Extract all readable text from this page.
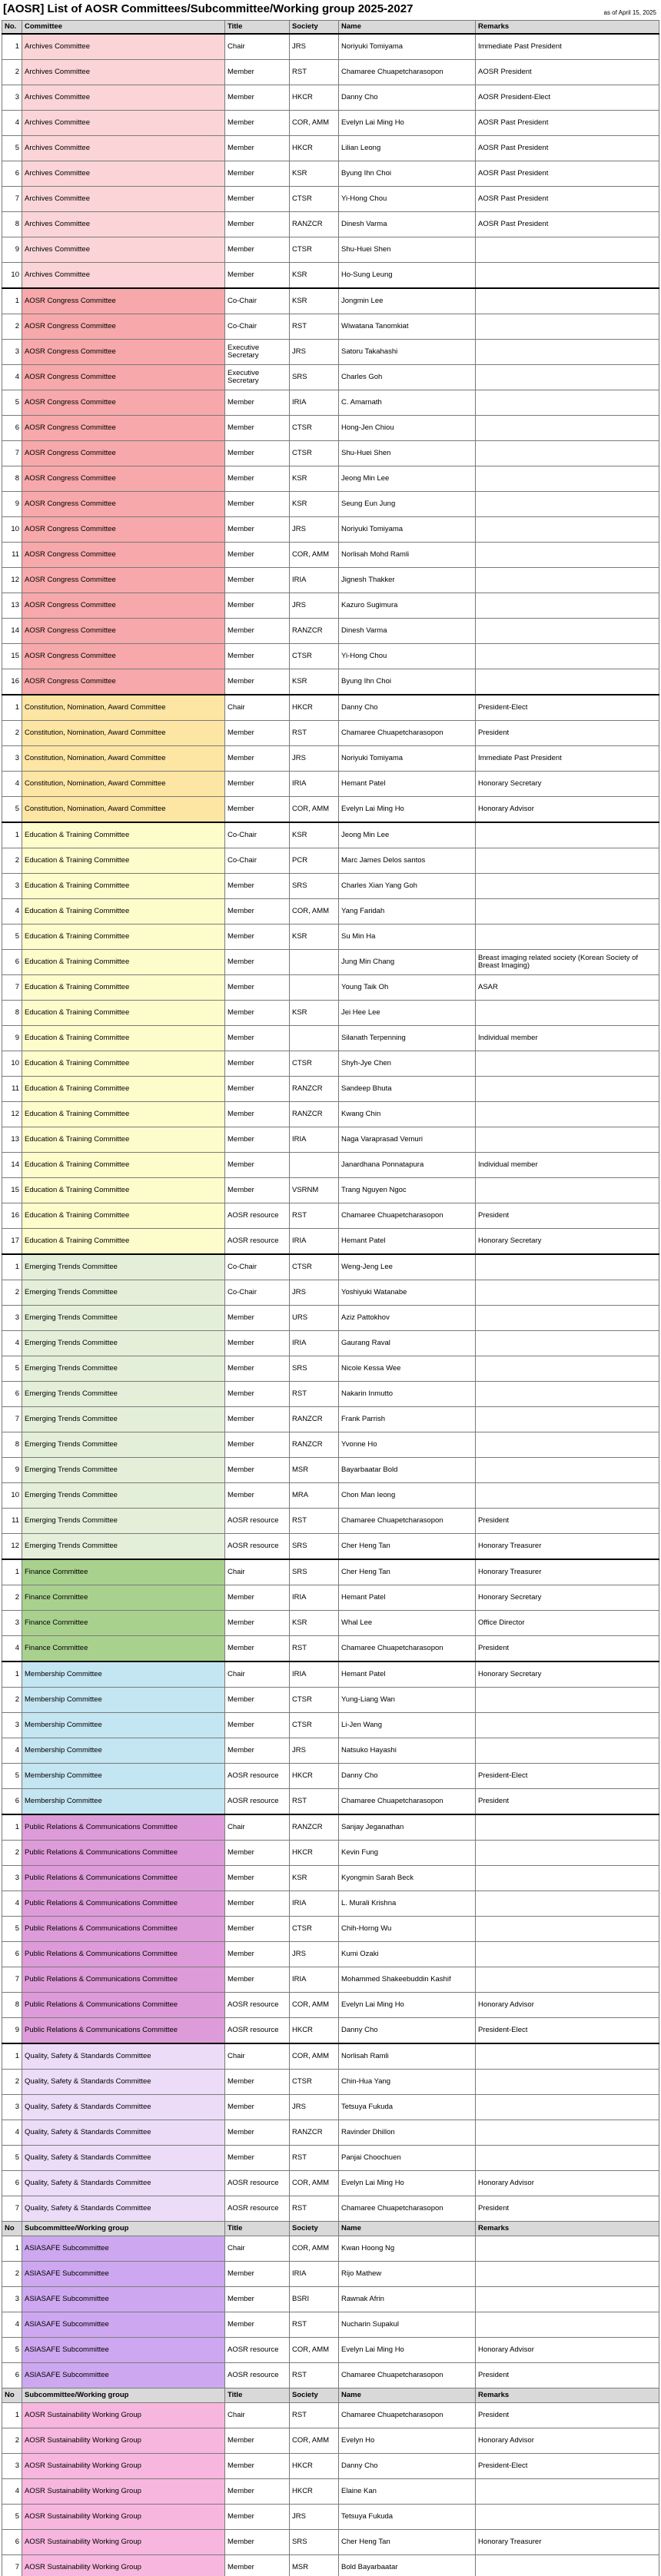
[AOSR] List of AOSR Committees/Subcommittee/Working group 2025-2027	as of April 15, 2025
No.	Committee	Title	Society	Name	Remarks
1	Archives Committee	Chair	JRS	Noriyuki Tomiyama	Immediate Past President
2	Archives Committee	Member	RST	Chamaree Chuapetcharasopon	AOSR President
3	Archives Committee	Member	HKCR	Danny Cho	AOSR President-Elect
4	Archives Committee	Member	COR, AMM	Evelyn Lai Ming Ho	AOSR Past President
5	Archives Committee	Member	HKCR	Lilian Leong	AOSR Past President
6	Archives Committee	Member	KSR	Byung Ihn Choi	AOSR Past President
7	Archives Committee	Member	CTSR	Yi-Hong Chou	AOSR Past President
8	Archives Committee	Member	RANZCR	Dinesh Varma	AOSR Past President
9	Archives Committee	Member	CTSR	Shu-Huei Shen	
10	Archives Committee	Member	KSR	Ho-Sung Leung	
1	AOSR Congress Committee	Co-Chair	KSR	Jongmin Lee	
2	AOSR Congress Committee	Co-Chair	RST	Wiwatana Tanomkiat	
3	AOSR Congress Committee	Executive Secretary	JRS	Satoru Takahashi	
4	AOSR Congress Committee	Executive Secretary	SRS	Charles Goh	
5	AOSR Congress Committee	Member	IRIA	C. Amarnath	
6	AOSR Congress Committee	Member	CTSR	Hong-Jen Chiou	
7	AOSR Congress Committee	Member	CTSR	Shu-Huei Shen	
8	AOSR Congress Committee	Member	KSR	Jeong Min Lee	
9	AOSR Congress Committee	Member	KSR	Seung Eun Jung	
10	AOSR Congress Committee	Member	JRS	Noriyuki Tomiyama	
11	AOSR Congress Committee	Member	COR, AMM	Norlisah Mohd Ramli	
12	AOSR Congress Committee	Member	IRIA	Jignesh Thakker	
13	AOSR Congress Committee	Member	JRS	Kazuro Sugimura	
14	AOSR Congress Committee	Member	RANZCR	Dinesh Varma	
15	AOSR Congress Committee	Member	CTSR	Yi-Hong Chou	
16	AOSR Congress Committee	Member	KSR	Byung Ihn Choi	
1	Constitution, Nomination, Award Committee	Chair	HKCR	Danny Cho	President-Elect
2	Constitution, Nomination, Award Committee	Member	RST	Chamaree Chuapetcharasopon	President
3	Constitution, Nomination, Award Committee	Member	JRS	Noriyuki Tomiyama	Immediate Past President
4	Constitution, Nomination, Award Committee	Member	IRIA	Hemant Patel	Honorary Secretary
5	Constitution, Nomination, Award Committee	Member	COR, AMM	Evelyn Lai Ming Ho	Honorary Advisor
1	Education & Training Committee	Co-Chair	KSR	Jeong Min Lee	
2	Education & Training Committee	Co-Chair	PCR	Marc James Delos santos	
3	Education & Training Committee	Member	SRS	Charles Xian Yang Goh	
4	Education & Training Committee	Member	COR, AMM	Yang Faridah	
5	Education & Training Committee	Member	KSR	Su Min Ha	
6	Education & Training Committee	Member		Jung Min Chang	Breast imaging related society (Korean Society of Breast Imaging)
7	Education & Training Committee	Member		Young Taik Oh	ASAR
8	Education & Training Committee	Member	KSR	Jei Hee Lee	
9	Education & Training Committee	Member		Silanath Terpenning	Individual member
10	Education & Training Committee	Member	CTSR	Shyh-Jye Chen	
11	Education & Training Committee	Member	RANZCR	Sandeep Bhuta	
12	Education & Training Committee	Member	RANZCR	Kwang Chin	
13	Education & Training Committee	Member	IRIA	Naga Varaprasad Vemuri	
14	Education & Training Committee	Member		Janardhana Ponnatapura	Individual member
15	Education & Training Committee	Member	VSRNM	Trang Nguyen Ngoc	
16	Education & Training Committee	AOSR resource	RST	Chamaree Chuapetcharasopon	President
17	Education & Training Committee	AOSR resource	IRIA	Hemant Patel	Honorary Secretary
1	Emerging Trends Committee	Co-Chair	CTSR	Weng-Jeng Lee	
2	Emerging Trends Committee	Co-Chair	JRS	Yoshiyuki Watanabe	
3	Emerging Trends Committee	Member	URS	Aziz Pattokhov	
4	Emerging Trends Committee	Member	IRIA	Gaurang Raval	
5	Emerging Trends Committee	Member	SRS	Nicole Kessa Wee	
6	Emerging Trends Committee	Member	RST	Nakarin Inmutto	
7	Emerging Trends Committee	Member	RANZCR	Frank Parrish	
8	Emerging Trends Committee	Member	RANZCR	Yvonne Ho	
9	Emerging Trends Committee	Member	MSR	Bayarbaatar Bold	
10	Emerging Trends Committee	Member	MRA	Chon Man Ieong	
11	Emerging Trends Committee	AOSR resource	RST	Chamaree Chuapetcharasopon	President
12	Emerging Trends Committee	AOSR resource	SRS	Cher Heng Tan	Honorary Treasurer
1	Finance Committee	Chair	SRS	Cher Heng Tan	Honorary Treasurer
2	Finance Committee	Member	IRIA	Hemant Patel	Honorary Secretary
3	Finance Committee	Member	KSR	Whal Lee	Office Director
4	Finance Committee	Member	RST	Chamaree Chuapetcharasopon	President
1	Membership Committee	Chair	IRIA	Hemant Patel	Honorary Secretary
2	Membership Committee	Member	CTSR	Yung-Liang Wan	
3	Membership Committee	Member	CTSR	Li-Jen Wang	
4	Membership Committee	Member	JRS	Natsuko Hayashi	
5	Membership Committee	AOSR resource	HKCR	Danny Cho	President-Elect
6	Membership Committee	AOSR resource	RST	Chamaree Chuapetcharasopon	President
1	Public Relations & Communications Committee	Chair	RANZCR	Sanjay Jeganathan	
2	Public Relations & Communications Committee	Member	HKCR	Kevin Fung	
3	Public Relations & Communications Committee	Member	KSR	Kyongmin Sarah Beck	
4	Public Relations & Communications Committee	Member	IRIA	L. Murali Krishna	
5	Public Relations & Communications Committee	Member	CTSR	Chih-Horng Wu	
6	Public Relations & Communications Committee	Member	JRS	Kumi Ozaki	
7	Public Relations & Communications Committee	Member	IRIA	Mohammed Shakeebuddin Kashif	
8	Public Relations & Communications Committee	AOSR resource	COR, AMM	Evelyn Lai Ming Ho	Honorary Advisor
9	Public Relations & Communications Committee	AOSR resource	HKCR	Danny Cho	President-Elect
1	Quality, Safety & Standards Committee	Chair	COR, AMM	Norlisah Ramli	
2	Quality, Safety & Standards Committee	Member	CTSR	Chin-Hua Yang	
3	Quality, Safety & Standards Committee	Member	JRS	Tetsuya Fukuda	
4	Quality, Safety & Standards Committee	Member	RANZCR	Ravinder Dhillon	
5	Quality, Safety & Standards Committee	Member	RST	Panjai Choochuen	
6	Quality, Safety & Standards Committee	AOSR resource	COR, AMM	Evelyn Lai Ming Ho	Honorary Advisor
7	Quality, Safety & Standards Committee	AOSR resource	RST	Chamaree Chuapetcharasopon	President
No	Subcommittee/Working group	Title	Society	Name	Remarks
1	ASIASAFE Subcommittee	Chair	COR, AMM	Kwan Hoong Ng	
2	ASIASAFE Subcommittee	Member	IRIA	Rijo Mathew	
3	ASIASAFE Subcommittee	Member	BSRI	Rawnak Afrin	
4	ASIASAFE Subcommittee	Member	RST	Nucharin Supakul	
5	ASIASAFE Subcommittee	AOSR resource	COR, AMM	Evelyn Lai Ming Ho	Honorary Advisor
6	ASIASAFE Subcommittee	AOSR resource	RST	Chamaree Chuapetcharasopon	President
No	Subcommittee/Working group	Title	Society	Name	Remarks
1	AOSR Sustainability Working Group	Chair	RST	Chamaree Chuapetcharasopon	President
2	AOSR Sustainability Working Group	Member	COR, AMM	Evelyn Ho	Honorary Advisor
3	AOSR Sustainability Working Group	Member	HKCR	Danny Cho	President-Elect
4	AOSR Sustainability Working Group	Member	HKCR	Elaine Kan	
5	AOSR Sustainability Working Group	Member	JRS	Tetsuya Fukuda	
6	AOSR Sustainability Working Group	Member	SRS	Cher Heng Tan	Honorary Treasurer
7	AOSR Sustainability Working Group	Member	MSR	Bold Bayarbaatar	
